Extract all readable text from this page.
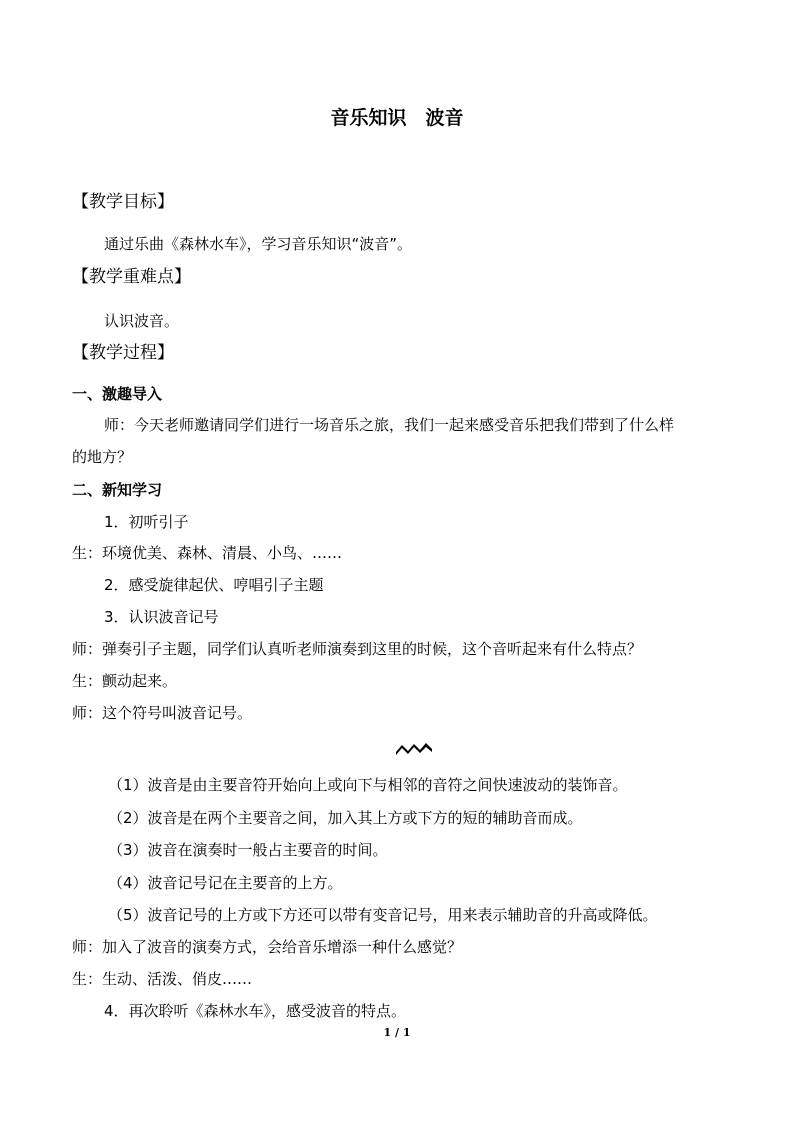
音乐知识　波音
【教学目标】
通过乐曲《森林水车》，学习音乐知识“波音”。
【教学重难点】
认识波音。
【教学过程】
一、激趣导入
师：今天老师邀请同学们进行一场音乐之旅，我们一起来感受音乐把我们带到了什么样
的地方？
二、新知学习
1．初听引子
生：环境优美、森林、清晨、小鸟、……
2．感受旋律起伏、哼唱引子主题
3．认识波音记号
师：弹奏引子主题，同学们认真听老师演奏到这里的时候，这个音听起来有什么特点？
生：颤动起来。
师：这个符号叫波音记号。
（1）波音是由主要音符开始向上或向下与相邻的音符之间快速波动的装饰音。
（2）波音是在两个主要音之间，加入其上方或下方的短的辅助音而成。
（3）波音在演奏时一般占主要音的时间。
（4）波音记号记在主要音的上方。
（5）波音记号的上方或下方还可以带有变音记号，用来表示辅助音的升高或降低。
师：加入了波音的演奏方式，会给音乐增添一种什么感觉？
生：生动、活泼、俏皮……
4．再次聆听《森林水车》，感受波音的特点。
1 / 1
